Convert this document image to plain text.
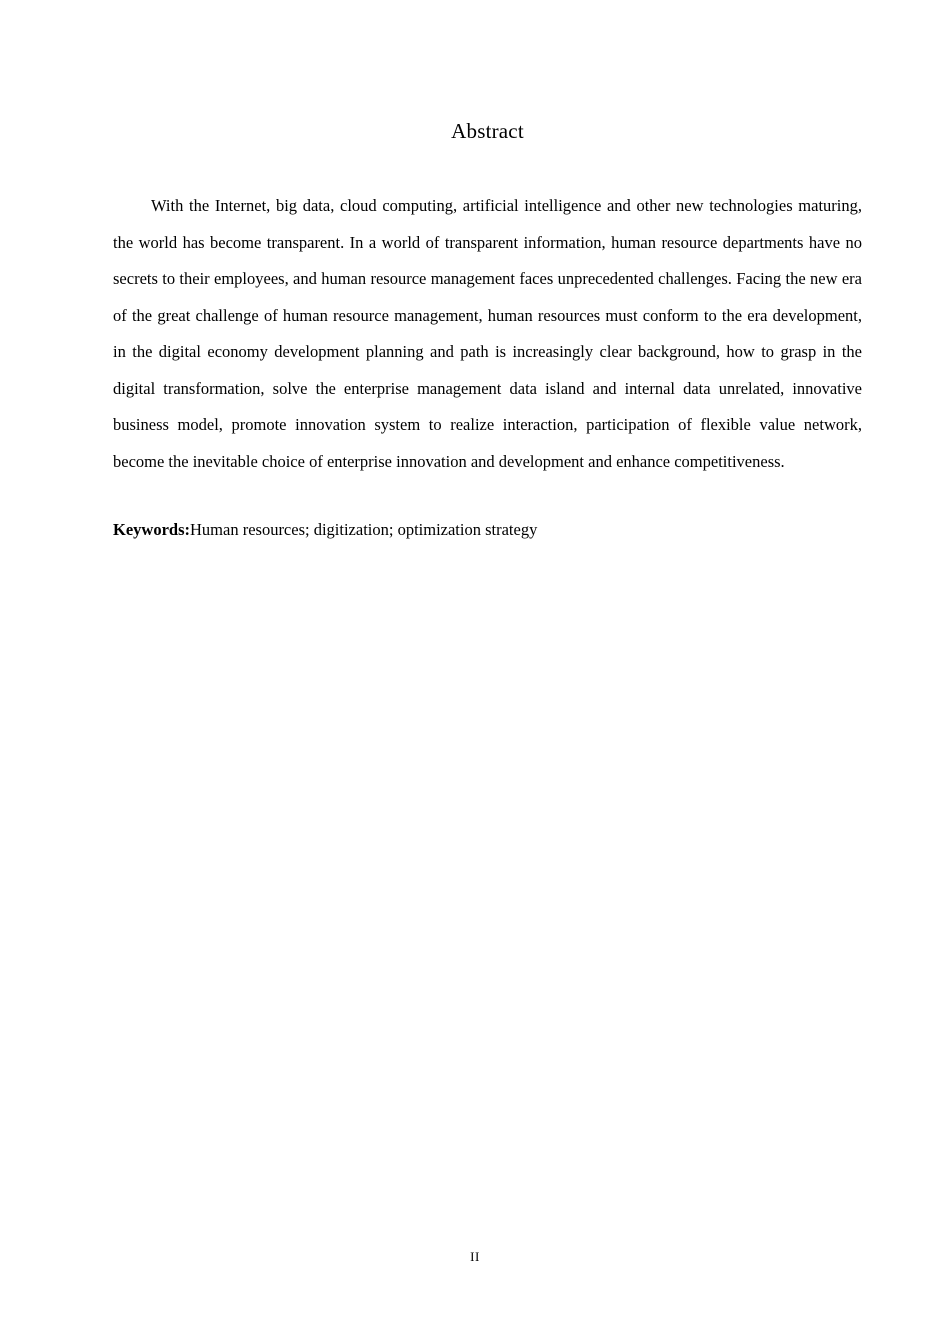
Abstract

With the Internet, big data, cloud computing, artificial intelligence and other new technologies maturing, the world has become transparent. In a world of transparent information, human resource departments have no secrets to their employees, and human resource management faces unprecedented challenges. Facing the new era of the great challenge of human resource management, human resources must conform to the era development, in the digital economy development planning and path is increasingly clear background, how to grasp in the digital transformation, solve the enterprise management data island and internal data unrelated, innovative business model, promote innovation system to realize interaction, participation of flexible value network, become the inevitable choice of enterprise innovation and development and enhance competitiveness.

Keywords:Human resources; digitization; optimization strategy

II
